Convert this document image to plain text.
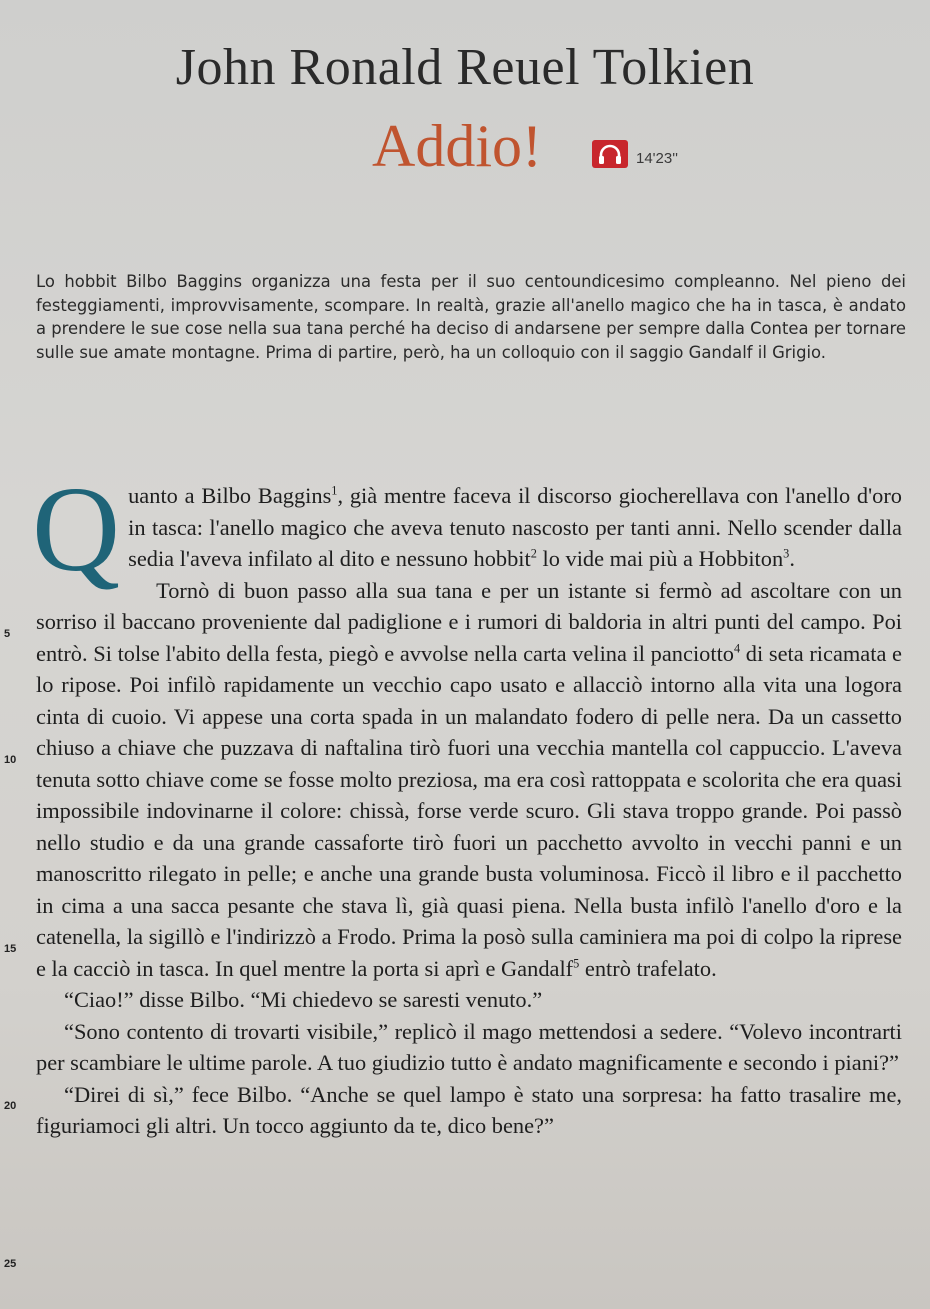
John Ronald Reuel Tolkien
Addio!	14'23''
Lo hobbit Bilbo Baggins organizza una festa per il suo centoundicesimo compleanno. Nel pieno dei festeggiamenti, improvvisamente, scompare. In realtà, grazie all'anello magico che ha in tasca, è andato a prendere le sue cose nella sua tana perché ha deciso di andarsene per sempre dalla Contea per tornare sulle sue amate montagne. Prima di partire, però, ha un colloquio con il saggio Gandalf il Grigio.
5
10
15
20
25

Quanto a Bilbo Baggins$^1$, già mentre faceva il discorso giocherellava con l'anello d'oro in tasca: l'anello magico che aveva tenuto nascosto per tanti anni. Nello scender dalla sedia l'aveva infilato al dito e nessuno hobbit$^2$ lo vide mai più a Hobbiton$^3$.

Tornò di buon passo alla sua tana e per un istante si fermò ad ascoltare con un sorriso il baccano proveniente dal padiglione e i rumori di baldoria in altri punti del campo. Poi entrò. Si tolse l'abito della festa, piegò e avvolse nella carta velina il panciotto$^4$ di seta ricamata e lo ripose. Poi infilò rapidamente un vecchio capo usato e allacciò intorno alla vita una logora cinta di cuoio. Vi appese una corta spada in un malandato fodero di pelle nera. Da un cassetto chiuso a chiave che puzzava di naftalina tirò fuori una vecchia mantella col cappuccio. L'aveva tenuta sotto chiave come se fosse molto preziosa, ma era così rattoppata e scolorita che era quasi impossibile indovinarne il colore: chissà, forse verde scuro. Gli stava troppo grande. Poi passò nello studio e da una grande cassaforte tirò fuori un pacchetto avvolto in vecchi panni e un manoscritto rilegato in pelle; e anche una grande busta voluminosa. Ficcò il libro e il pacchetto in cima a una sacca pesante che stava lì, già quasi piena. Nella busta infilò l'anello d'oro e la catenella, la sigillò e l'indirizzò a Frodo. Prima la posò sulla caminiera ma poi di colpo la riprese e la cacciò in tasca. In quel mentre la porta si aprì e Gandalf$^5$ entrò trafelato.

“Ciao!” disse Bilbo. “Mi chiedevo se saresti venuto.”

“Sono contento di trovarti visibile,” replicò il mago mettendosi a sedere. “Volevo incontrarti per scambiare le ultime parole. A tuo giudizio tutto è andato magnificamente e secondo i piani?”

“Direi di sì,” fece Bilbo. “Anche se quel lampo è stato una sorpresa: ha fatto trasalire me, figuriamoci gli altri. Un tocco aggiunto da te, dico bene?”
